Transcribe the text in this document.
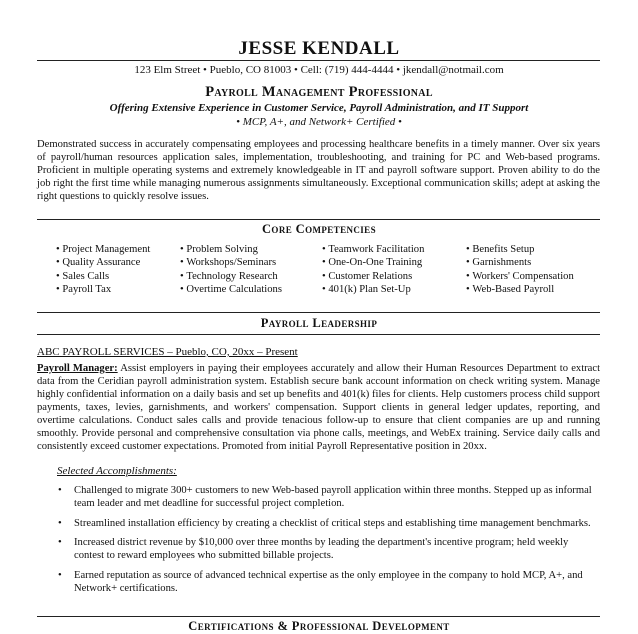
JESSE KENDALL
123 Elm Street • Pueblo, CO 81003 • Cell: (719) 444-4444 • jkendall@notmail.com
Payroll Management Professional
Offering Extensive Experience in Customer Service, Payroll Administration, and IT Support
• MCP, A+, and Network+ Certified •
Demonstrated success in accurately compensating employees and processing healthcare benefits in a timely manner. Over six years of payroll/human resources application sales, implementation, troubleshooting, and training for PC and Web-based programs. Proficient in multiple operating systems and extremely knowledgeable in IT and payroll software support. Proven ability to do the job right the first time while managing numerous assignments simultaneously. Exceptional communication skills; adept at asking the right questions to quickly resolve issues.
Core Competencies
• Project Management
• Quality Assurance
• Sales Calls
• Payroll Tax
• Problem Solving
• Workshops/Seminars
• Technology Research
• Overtime Calculations
• Teamwork Facilitation
• One-On-One Training
• Customer Relations
• 401(k) Plan Set-Up
• Benefits Setup
• Garnishments
• Workers' Compensation
• Web-Based Payroll
Payroll Leadership
ABC PAYROLL SERVICES – Pueblo, CO, 20xx – Present
Payroll Manager: Assist employers in paying their employees accurately and allow their Human Resources Department to extract data from the Ceridian payroll administration system. Establish secure bank account information on check writing system. Manage highly confidential information on a daily basis and set up benefits and 401(k) files for clients. Help customers process child support payments, taxes, levies, garnishments, and workers' compensation. Support clients in general ledger updates, reporting, and overtime calculations. Conduct sales calls and provide tenacious follow-up to ensure that client companies are up and running smoothly. Provide personal and comprehensive consultation via phone calls, meetings, and WebEx training. Service daily calls and consistently exceed customer expectations. Promoted from initial Payroll Representative position in 20xx.
Selected Accomplishments:
• Challenged to migrate 300+ customers to new Web-based payroll application within three months. Stepped up as informal team leader and met deadline for successful project completion.
• Streamlined installation efficiency by creating a checklist of critical steps and establishing time management benchmarks.
• Increased district revenue by $10,000 over three months by leading the department's incentive program; held weekly contest to reward employees who submitted billable projects.
• Earned reputation as source of advanced technical expertise as the only employee in the company to hold MCP, A+, and Network+ certifications.
Certifications & Professional Development
